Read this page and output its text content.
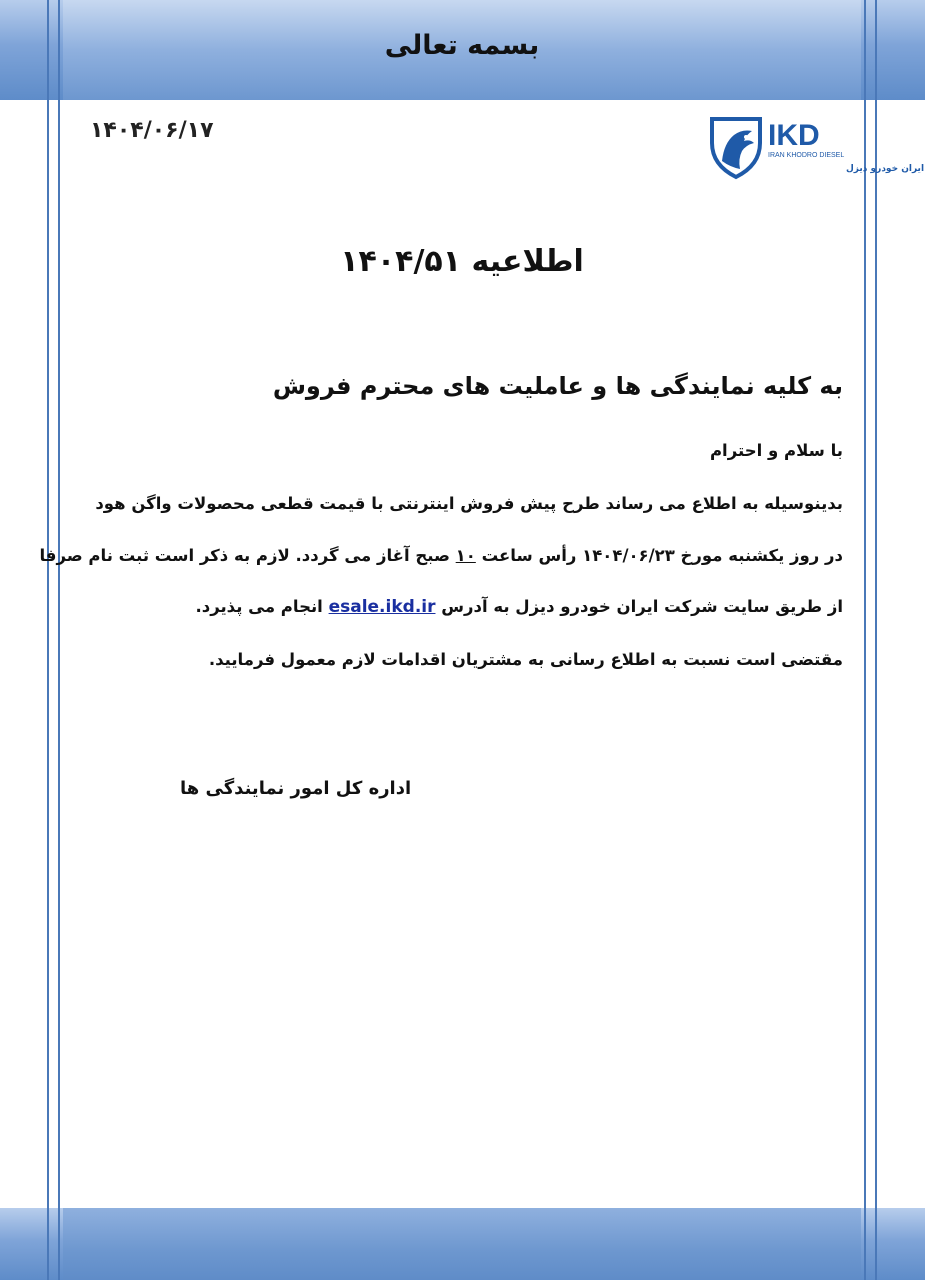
بسمه تعالی
۱۴۰۴/۰۶/۱۷	IKD
IRAN KHODRO DIESEL
ایران خودرو دیزل
اطلاعیه ۱۴۰۴/۵۱
به کلیه نمایندگی ها و عاملیت های محترم فروش
با سلام و احترام
بدینوسیله به اطلاع می رساند طرح پیش فروش اینترنتی با قیمت قطعی محصولات واگن هود
در روز یکشنبه مورخ ۱۴۰۴/۰۶/۲۳ رأس ساعت ۱۰ صبح آغاز می گردد. لازم به ذکر است ثبت نام صرفا
از طریق سایت شرکت ایران خودرو دیزل به آدرس esale.ikd.ir انجام می پذیرد.
مقتضی است نسبت به اطلاع رسانی به مشتریان اقدامات لازم معمول فرمایید.
اداره کل امور نمایندگی ها
